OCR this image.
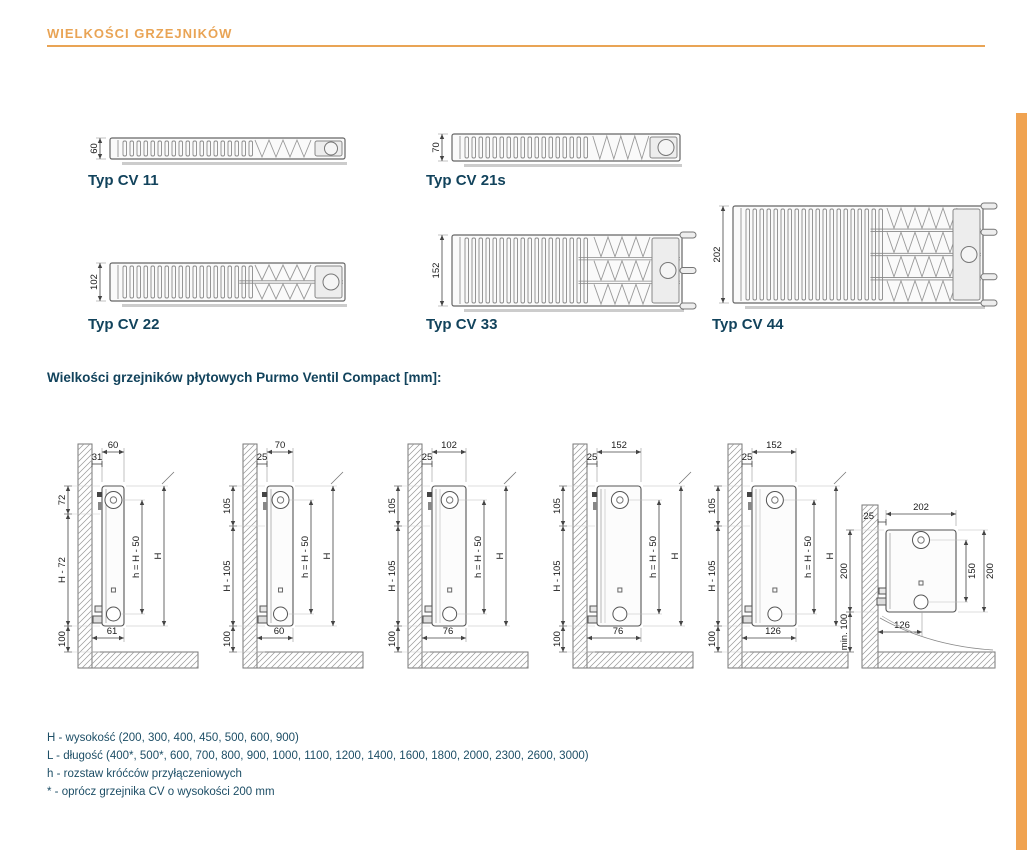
60	70
102
152
202
60
31
72
H - 72
100
h = H - 50 H
61
70
25
105
H - 105
100
h = H - 50 H
60
102
25
105
H - 105
100
h = H - 50 H
76
152
25
105
H - 105
100
h = H - 50 H
76
152
25
105
H - 105
100
h = H - 50 H
126
202
25
200
min. 100
150 200
126
WIELKOŚCI GRZEJNIKÓW
Typ CV 11	Typ CV 21s
Typ CV 22	Typ CV 33	Typ CV 44
Wielkości grzejników płytowych Purmo Ventil Compact [mm]:
H - wysokość (200, 300, 400, 450, 500, 600, 900)
L - długość (400*, 500*, 600, 700, 800, 900, 1000, 1100, 1200, 1400, 1600, 1800, 2000, 2300, 2600, 3000)
h - rozstaw króćców przyłączeniowych
* - oprócz grzejnika CV o wysokości 200 mm
